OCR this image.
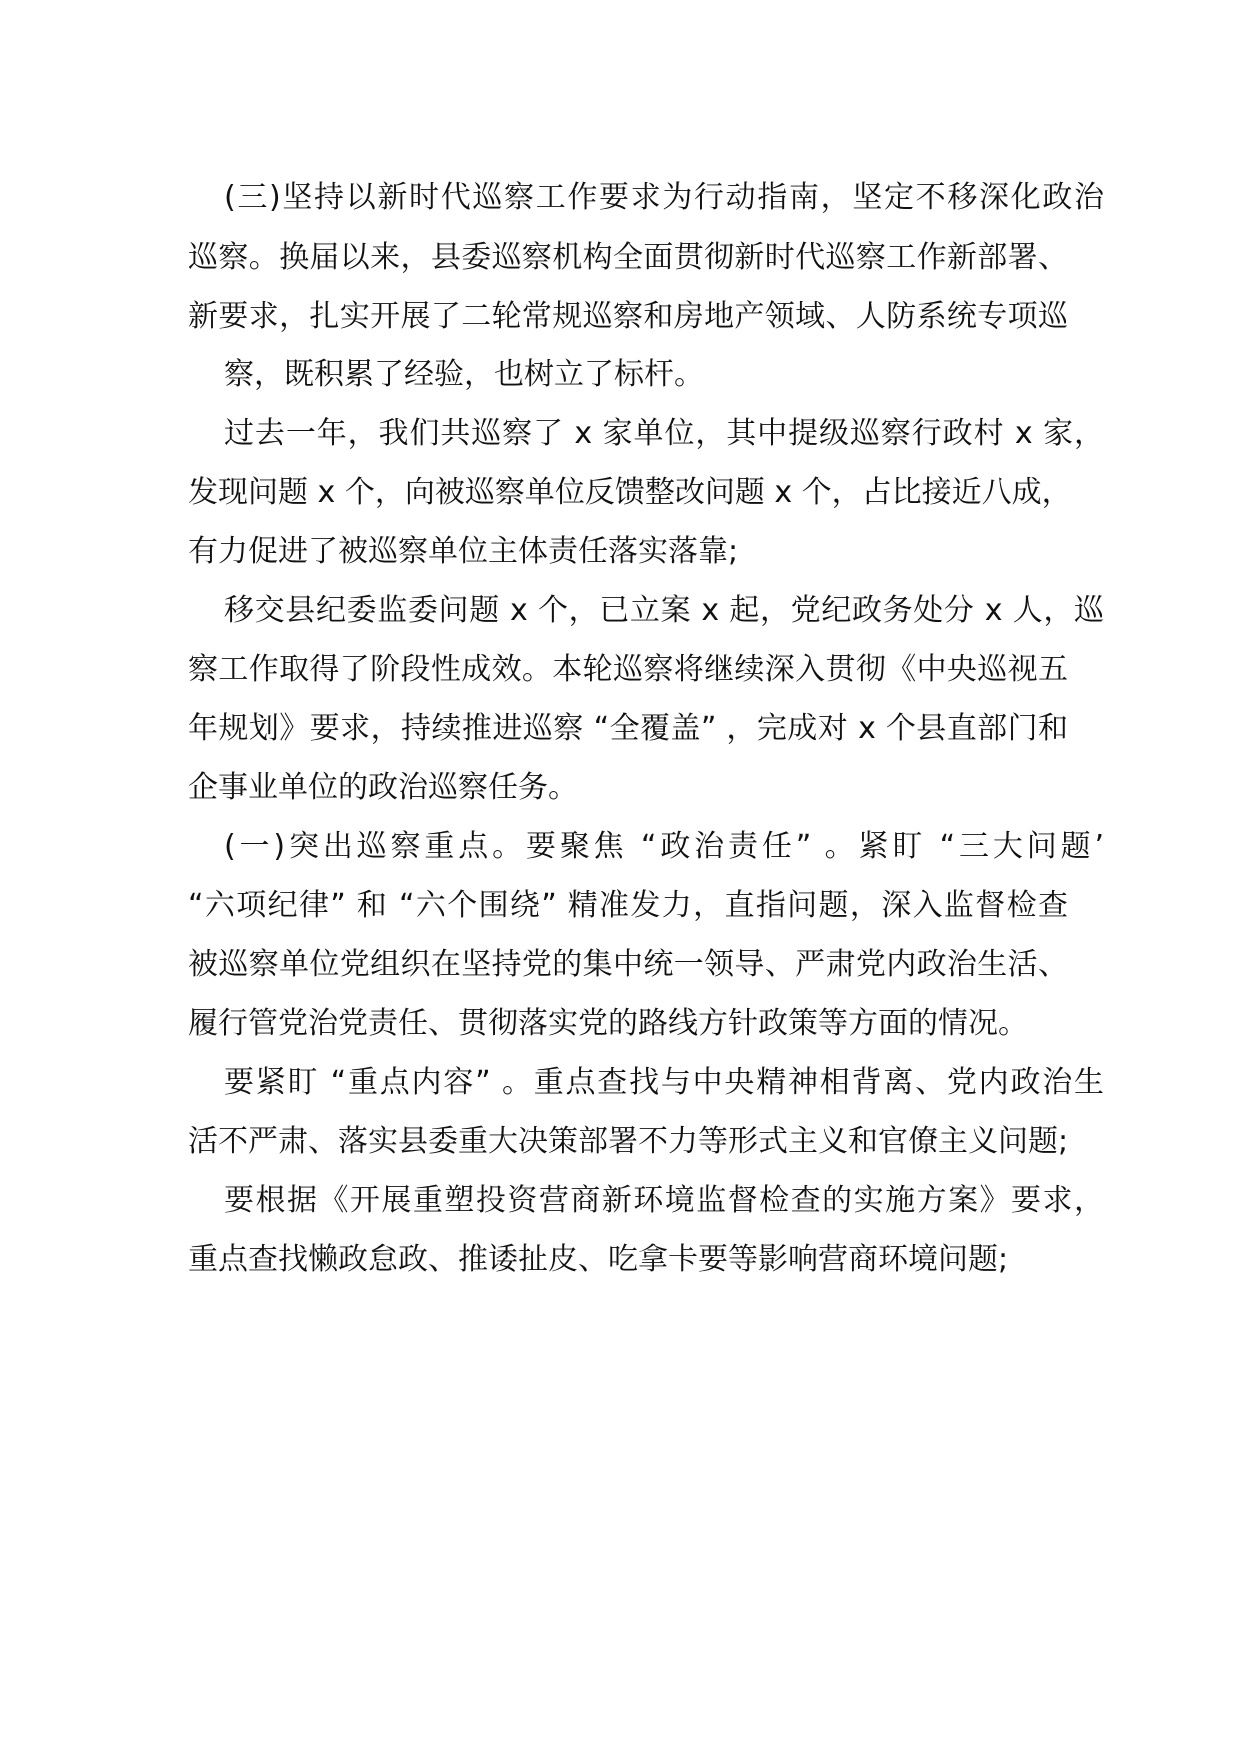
(三)坚持以新时代巡察工作要求为行动指南，坚定不移深化政治
巡察。换届以来，县委巡察机构全面贯彻新时代巡察工作新部署、
新要求，扎实开展了二轮常规巡察和房地产领域、人防系统专项巡
察，既积累了经验，也树立了标杆。
过去一年，我们共巡察了 x 家单位，其中提级巡察行政村 x 家，
发现问题 x 个，向被巡察单位反馈整改问题 x 个，占比接近八成，
有力促进了被巡察单位主体责任落实落靠;
移交县纪委监委问题 x 个，已立案 x 起，党纪政务处分 x 人，巡
察工作取得了阶段性成效。本轮巡察将继续深入贯彻《中央巡视五
年规划》要求，持续推进巡察 “全覆盖” ，完成对 x 个县直部门和
企事业单位的政治巡察任务。
(一)突出巡察重点。要聚焦 “政治责任” 。紧盯 “三大问题’
“六项纪律” 和 “六个围绕” 精准发力，直指问题，深入监督检查
被巡察单位党组织在坚持党的集中统一领导、严肃党内政治生活、
履行管党治党责任、贯彻落实党的路线方针政策等方面的情况。
要紧盯 “重点内容” 。重点查找与中央精神相背离、党内政治生
活不严肃、落实县委重大决策部署不力等形式主义和官僚主义问题;
要根据《开展重塑投资营商新环境监督检查的实施方案》要求，
重点查找懒政怠政、推诿扯皮、吃拿卡要等影响营商环境问题;
